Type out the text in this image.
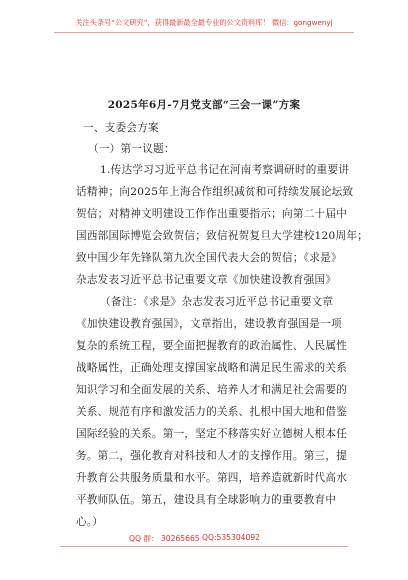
关注头条号“公文研究”，获得最新最全最专业的公文资料库！ 微信：gongwenyj
2025年6月-7月党支部“三会一课”方案
一、支委会方案
（一）第一议题：
1.传达学习习近平总书记在河南考察调研时的重要讲
话精神；向2025年上海合作组织减贫和可持续发展论坛致
贺信；对精神文明建设工作作出重要指示；向第二十届中
国西部国际博览会致贺信；致信祝贺复旦大学建校120周年；
致中国少年先锋队第九次全国代表大会的贺信；《求是》
杂志发表习近平总书记重要文章《加快建设教育强国》
（备注：《求是》杂志发表习近平总书记重要文章
《加快建设教育强国》，文章指出，建设教育强国是一项
复杂的系统工程，要全面把握教育的政治属性、人民属性
战略属性，正确处理支撑国家战略和满足民生需求的关系
知识学习和全面发展的关系、培养人才和满足社会需要的
关系、规范有序和激发活力的关系、扎根中国大地和借鉴
国际经验的关系。第一，坚定不移落实好立德树人根本任
务。第二，强化教育对科技和人才的支撑作用。第三，提
升教育公共服务质量和水平。第四，培养造就新时代高水
平教师队伍。第五，建设具有全球影响力的重要教育中
心。）
QQ 群： 30265665 QQ:535304092
